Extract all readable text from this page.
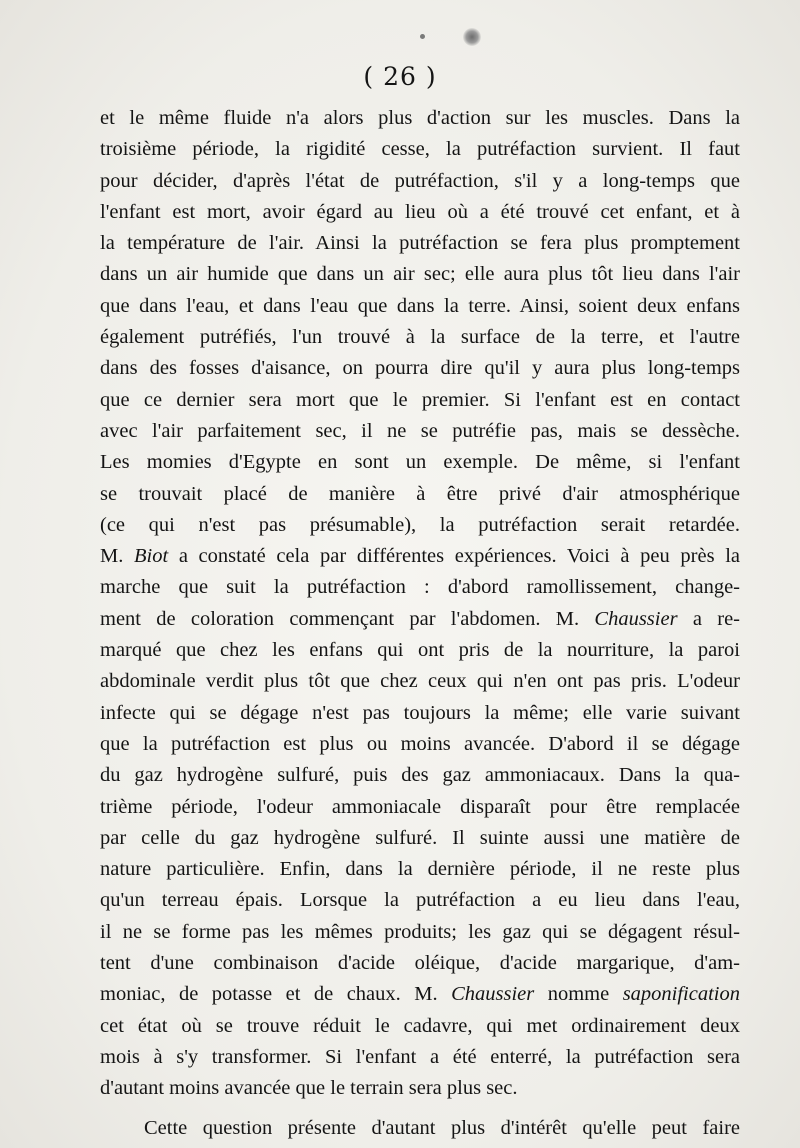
( 26 )
et le même fluide n'a alors plus d'action sur les muscles. Dans la
troisième période, la rigidité cesse, la putréfaction survient. Il faut
pour décider, d'après l'état de putréfaction, s'il y a long-temps que
l'enfant est mort, avoir égard au lieu où a été trouvé cet enfant, et à
la température de l'air. Ainsi la putréfaction se fera plus promptement
dans un air humide que dans un air sec; elle aura plus tôt lieu dans l'air
que dans l'eau, et dans l'eau que dans la terre. Ainsi, soient deux enfans
également putréfiés, l'un trouvé à la surface de la terre, et l'autre
dans des fosses d'aisance, on pourra dire qu'il y aura plus long-temps
que ce dernier sera mort que le premier. Si l'enfant est en contact
avec l'air parfaitement sec, il ne se putréfie pas, mais se dessèche.
Les momies d'Egypte en sont un exemple. De même, si l'enfant
se trouvait placé de manière à être privé d'air atmosphérique
(ce qui n'est pas présumable), la putréfaction serait retardée.
M. Biot a constaté cela par différentes expériences. Voici à peu près la
marche que suit la putréfaction : d'abord ramollissement, change-
ment de coloration commençant par l'abdomen. M. Chaussier a re-
marqué que chez les enfans qui ont pris de la nourriture, la paroi
abdominale verdit plus tôt que chez ceux qui n'en ont pas pris. L'odeur
infecte qui se dégage n'est pas toujours la même; elle varie suivant
que la putréfaction est plus ou moins avancée. D'abord il se dégage
du gaz hydrogène sulfuré, puis des gaz ammoniacaux. Dans la qua-
trième période, l'odeur ammoniacale disparaît pour être remplacée
par celle du gaz hydrogène sulfuré. Il suinte aussi une matière de
nature particulière. Enfin, dans la dernière période, il ne reste plus
qu'un terreau épais. Lorsque la putréfaction a eu lieu dans l'eau,
il ne se forme pas les mêmes produits; les gaz qui se dégagent résul-
tent d'une combinaison d'acide oléique, d'acide margarique, d'am-
moniac, de potasse et de chaux. M. Chaussier nomme saponification
cet état où se trouve réduit le cadavre, qui met ordinairement deux
mois à s'y transformer. Si l'enfant a été enterré, la putréfaction sera
d'autant moins avancée que le terrain sera plus sec.
Cette question présente d'autant plus d'intérêt qu'elle peut faire
